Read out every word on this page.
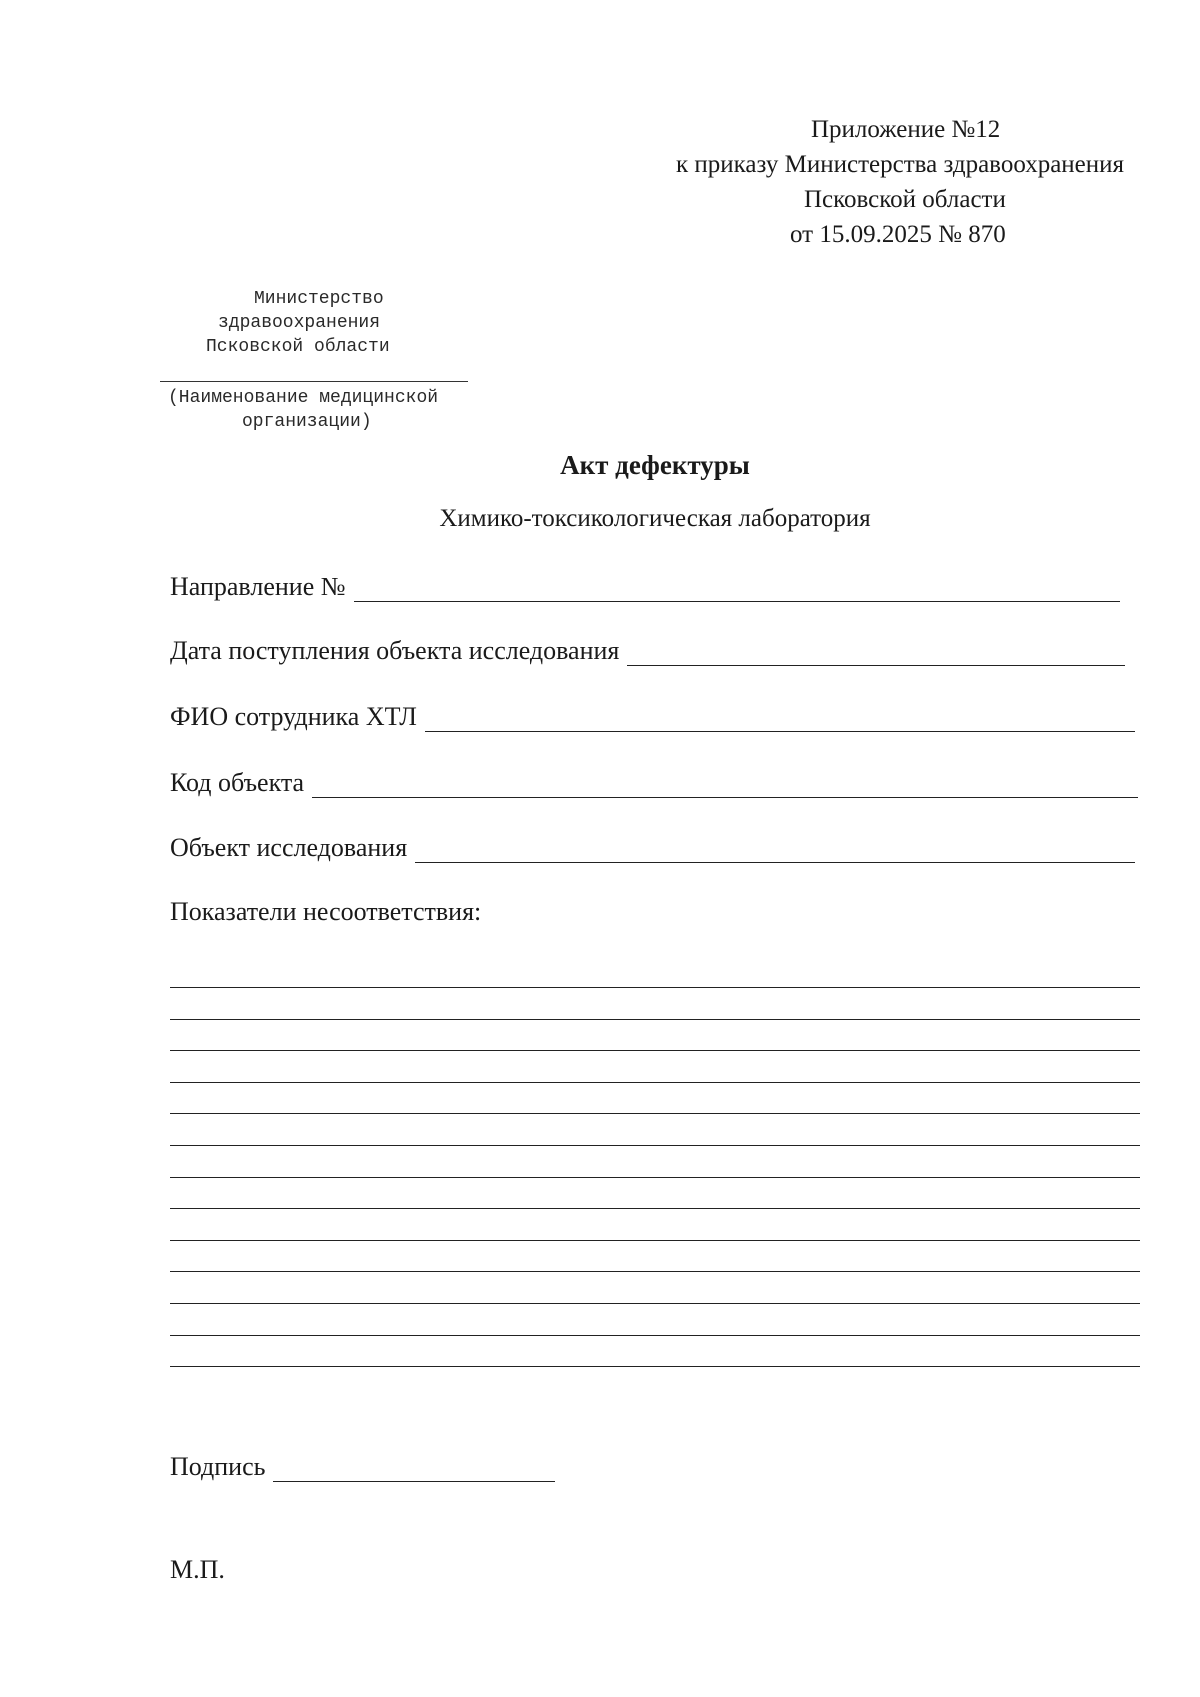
Приложение №12
к приказу Министерства здравоохранения
Псковской области
от 15.09.2025 № 870
Министерство
здравоохранения
Псковской области
(Наименование медицинской
организации)
Акт дефектуры
Химико-токсикологическая лаборатория
Направление №
Дата поступления объекта исследования
ФИО сотрудника ХТЛ
Код объекта
Объект исследования
Показатели несоответствия:
Подпись
М.П.
